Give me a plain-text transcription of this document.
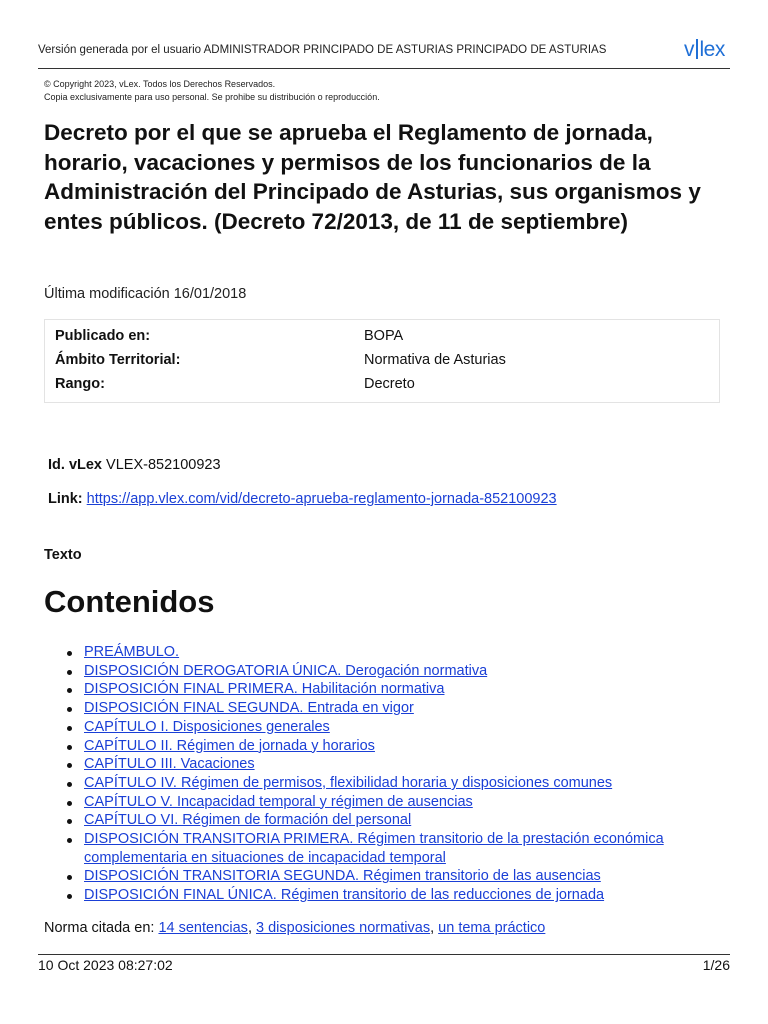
Versión generada por el usuario ADMINISTRADOR PRINCIPADO DE ASTURIAS PRINCIPADO DE ASTURIAS	v lex
© Copyright 2023, vLex. Todos los Derechos Reservados.
Copia exclusivamente para uso personal. Se prohibe su distribución o reproducción.
Decreto por el que se aprueba el Reglamento de jornada, horario, vacaciones y permisos de los funcionarios de la Administración del Principado de Asturias, sus organismos y entes públicos. (Decreto 72/2013, de 11 de septiembre)
Última modificación 16/01/2018
Publicado en:	BOPA
Ámbito Territorial:	Normativa de Asturias
Rango:	Decreto
Id. vLex VLEX-852100923
Link: https://app.vlex.com/vid/decreto-aprueba-reglamento-jornada-852100923
Texto
Contenidos
PREÁMBULO.
DISPOSICIÓN DEROGATORIA ÚNICA. Derogación normativa
DISPOSICIÓN FINAL PRIMERA. Habilitación normativa
DISPOSICIÓN FINAL SEGUNDA. Entrada en vigor
CAPÍTULO I. Disposiciones generales
CAPÍTULO II. Régimen de jornada y horarios
CAPÍTULO III. Vacaciones
CAPÍTULO IV. Régimen de permisos, flexibilidad horaria y disposiciones comunes
CAPÍTULO V. Incapacidad temporal y régimen de ausencias
CAPÍTULO VI. Régimen de formación del personal
DISPOSICIÓN TRANSITORIA PRIMERA. Régimen transitorio de la prestación económica complementaria en situaciones de incapacidad temporal
DISPOSICIÓN TRANSITORIA SEGUNDA. Régimen transitorio de las ausencias
DISPOSICIÓN FINAL ÚNICA. Régimen transitorio de las reducciones de jornada
Norma citada en: 14 sentencias, 3 disposiciones normativas, un tema práctico
10 Oct 2023 08:27:02	1/26
